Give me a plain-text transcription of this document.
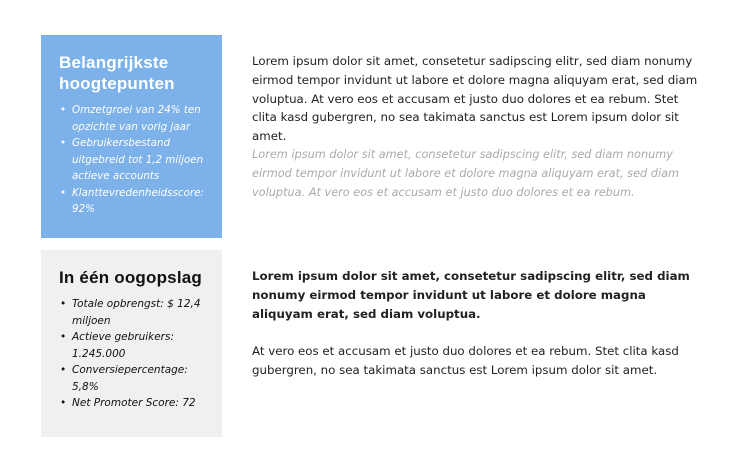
Belangrijkste hoogtepunten
• Omzetgroei van 24% ten opzichte van vorig jaar
• Gebruikersbestand uitgebreid tot 1,2 miljoen actieve accounts
• Klanttevredenheidsscore: 92%
In één oogopslag
• Totale opbrengst: $ 12,4 miljoen
• Actieve gebruikers: 1.245.000
• Conversiepercentage: 5,8%
• Net Promoter Score: 72

Lorem ipsum dolor sit amet, consetetur sadipscing elitr, sed diam nonumy eirmod tempor invidunt ut labore et dolore magna aliquyam erat, sed diam voluptua. At vero eos et accusam et justo duo dolores et ea rebum. Stet clita kasd gubergren, no sea takimata sanctus est Lorem ipsum dolor sit amet.

Lorem ipsum dolor sit amet, consetetur sadipscing elitr, sed diam nonumy eirmod tempor invidunt ut labore et dolore magna aliquyam erat, sed diam voluptua. At vero eos et accusam et justo duo dolores et ea rebum.

Lorem ipsum dolor sit amet, consetetur sadipscing elitr, sed diam nonumy eirmod tempor invidunt ut labore et dolore magna aliquyam erat, sed diam voluptua.

At vero eos et accusam et justo duo dolores et ea rebum. Stet clita kasd gubergren, no sea takimata sanctus est Lorem ipsum dolor sit amet.
